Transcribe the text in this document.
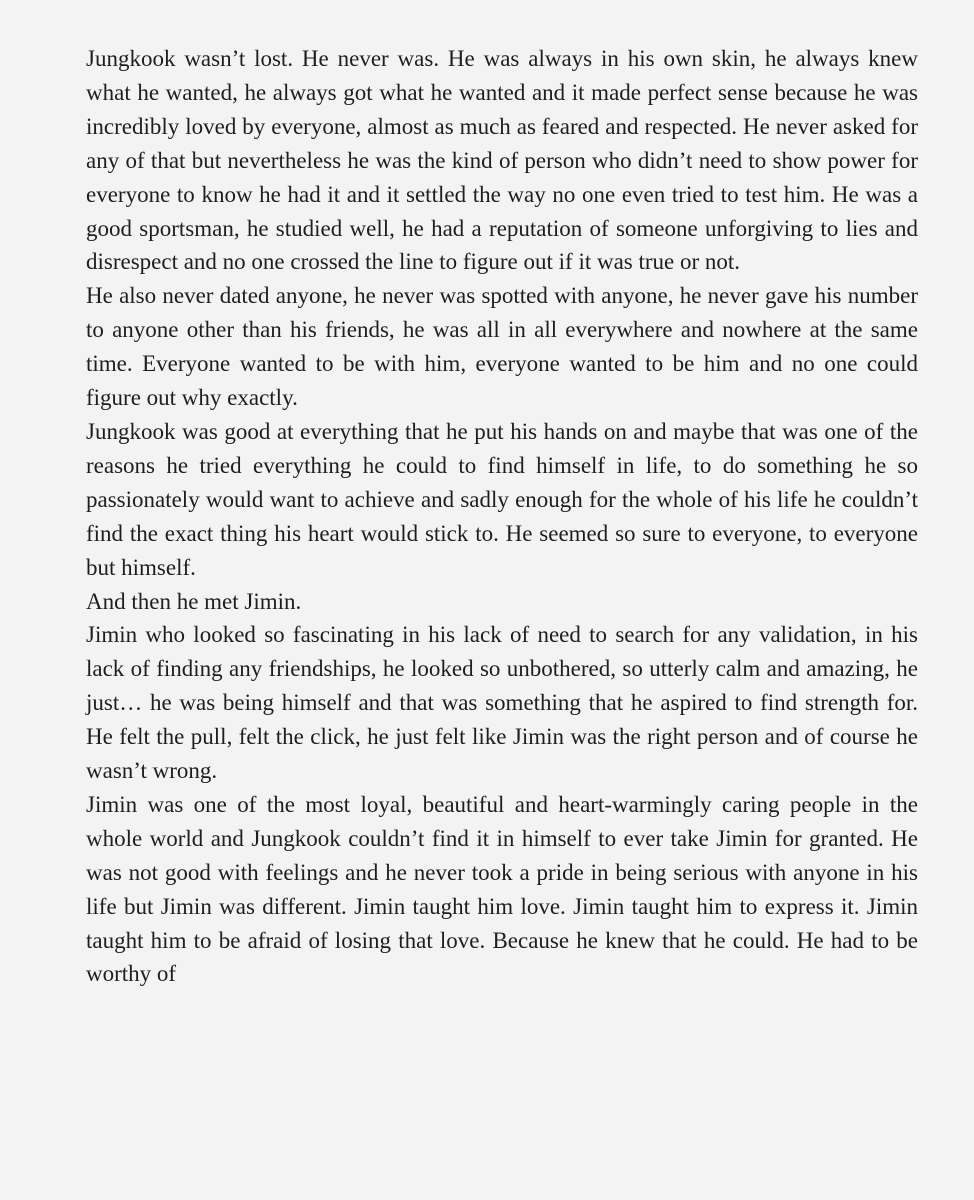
Jungkook wasn’t lost. He never was. He was always in his own skin, he always knew what he wanted, he always got what he wanted and it made perfect sense because he was incredibly loved by everyone, almost as much as feared and respected. He never asked for any of that but nevertheless he was the kind of person who didn’t need to show power for everyone to know he had it and it settled the way no one even tried to test him. He was a good sportsman, he studied well, he had a reputation of someone unforgiving to lies and disrespect and no one crossed the line to figure out if it was true or not.

He also never dated anyone, he never was spotted with anyone, he never gave his number to anyone other than his friends, he was all in all everywhere and nowhere at the same time. Everyone wanted to be with him, everyone wanted to be him and no one could figure out why exactly.

Jungkook was good at everything that he put his hands on and maybe that was one of the reasons he tried everything he could to find himself in life, to do something he so passionately would want to achieve and sadly enough for the whole of his life he couldn’t find the exact thing his heart would stick to. He seemed so sure to everyone, to everyone but himself.

And then he met Jimin.

Jimin who looked so fascinating in his lack of need to search for any validation, in his lack of finding any friendships, he looked so unbothered, so utterly calm and amazing, he just… he was being himself and that was something that he aspired to find strength for. He felt the pull, felt the click, he just felt like Jimin was the right person and of course he wasn’t wrong.

Jimin was one of the most loyal, beautiful and heart-warmingly caring people in the whole world and Jungkook couldn’t find it in himself to ever take Jimin for granted. He was not good with feelings and he never took a pride in being serious with anyone in his life but Jimin was different. Jimin taught him love. Jimin taught him to express it. Jimin taught him to be afraid of losing that love. Because he knew that he could. He had to be worthy of
